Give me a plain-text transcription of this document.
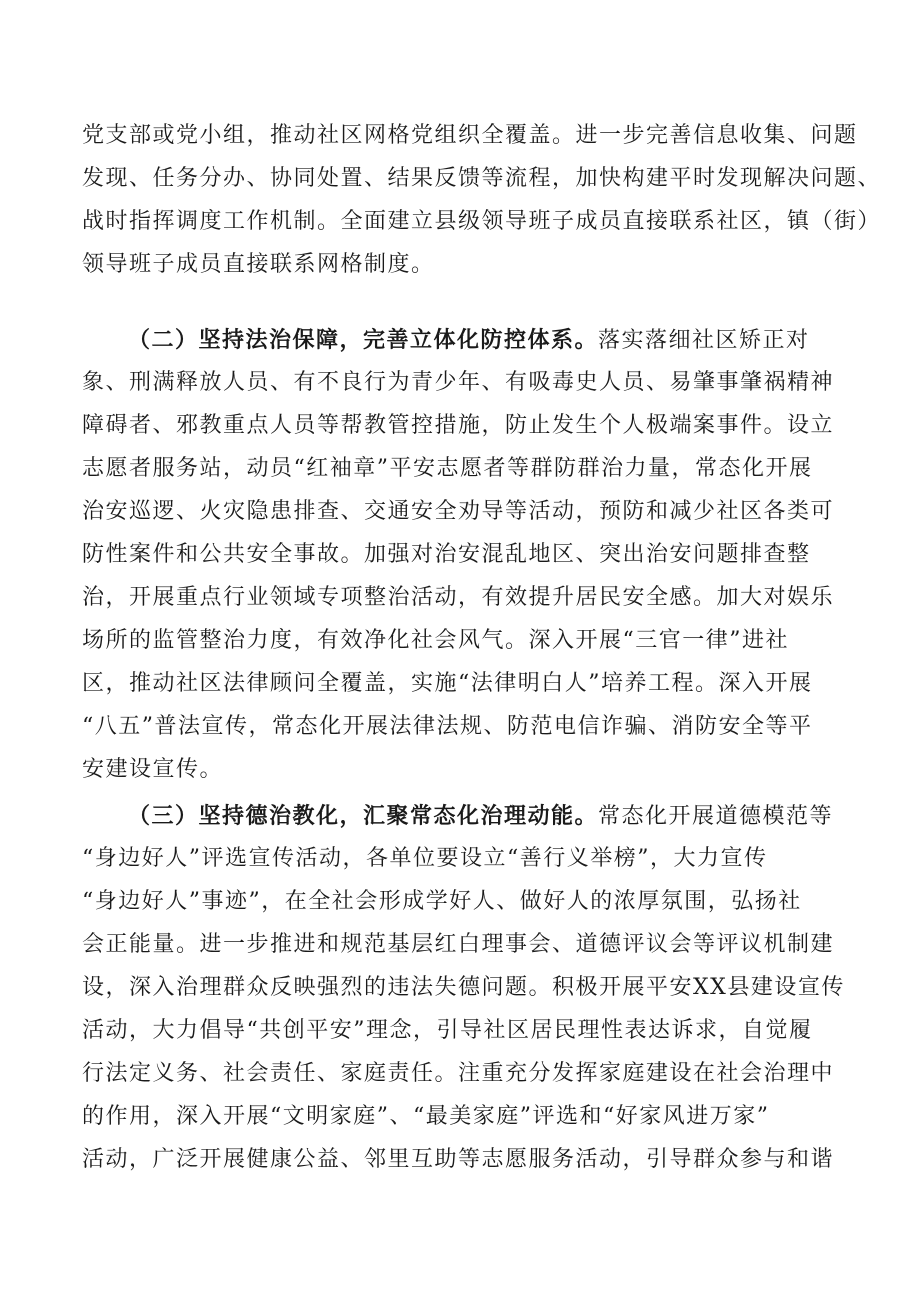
党支部或党小组，推动社区网格党组织全覆盖。进一步完善信息收集、问题
发现、任务分办、协同处置、结果反馈等流程，加快构建平时发现解决问题、
战时指挥调度工作机制。全面建立县级领导班子成员直接联系社区，镇（街）
领导班子成员直接联系网格制度。
（二）坚持法治保障，完善立体化防控体系。落实落细社区矫正对
象、刑满释放人员、有不良行为青少年、有吸毒史人员、易肇事肇祸精神
障碍者、邪教重点人员等帮教管控措施，防止发生个人极端案事件。设立
志愿者服务站，动员“红袖章”平安志愿者等群防群治力量，常态化开展
治安巡逻、火灾隐患排查、交通安全劝导等活动，预防和减少社区各类可
防性案件和公共安全事故。加强对治安混乱地区、突出治安问题排查整
治，开展重点行业领域专项整治活动，有效提升居民安全感。加大对娱乐
场所的监管整治力度，有效净化社会风气。深入开展“三官一律”进社
区，推动社区法律顾问全覆盖，实施“法律明白人”培养工程。深入开展
“八五”普法宣传，常态化开展法律法规、防范电信诈骗、消防安全等平
安建设宣传。
（三）坚持德治教化，汇聚常态化治理动能。常态化开展道德模范等
“身边好人”评选宣传活动，各单位要设立“善行义举榜”，大力宣传
“身边好人”事迹”，在全社会形成学好人、做好人的浓厚氛围，弘扬社
会正能量。进一步推进和规范基层红白理事会、道德评议会等评议机制建
设，深入治理群众反映强烈的违法失德问题。积极开展平安XX县建设宣传
活动，大力倡导“共创平安”理念，引导社区居民理性表达诉求，自觉履
行法定义务、社会责任、家庭责任。注重充分发挥家庭建设在社会治理中
的作用，深入开展“文明家庭”、“最美家庭”评选和“好家风进万家”
活动，广泛开展健康公益、邻里互助等志愿服务活动，引导群众参与和谐
